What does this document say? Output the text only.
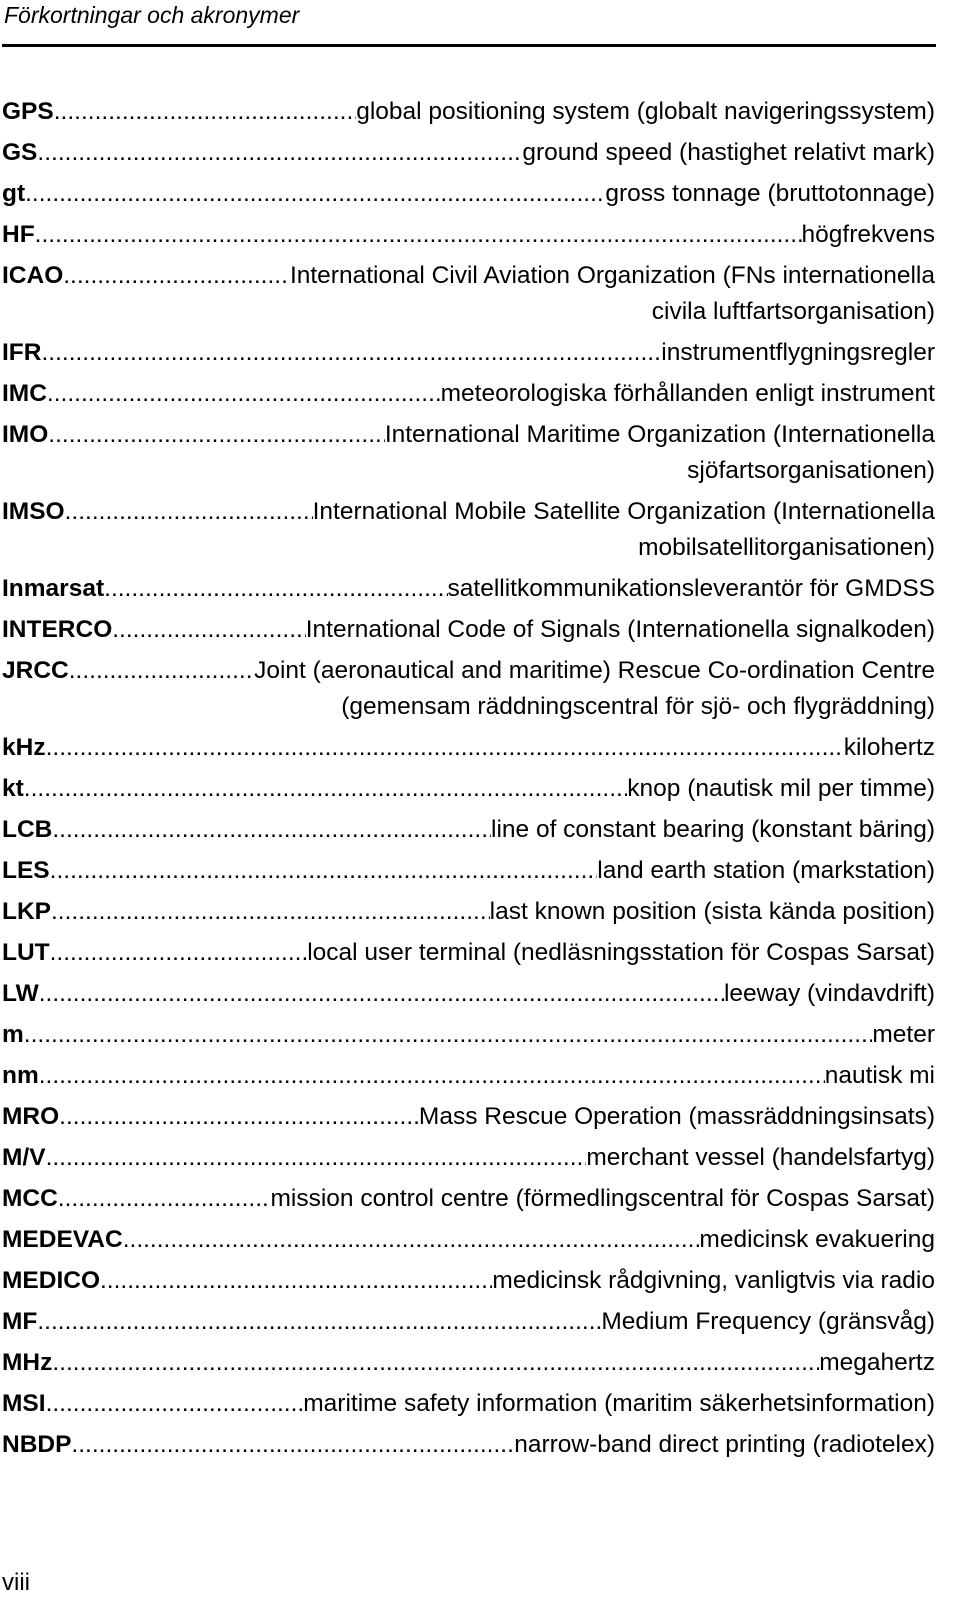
Förkortningar och akronymer
GPS .....	global positioning system (globalt navigeringssystem)
GS .....	ground speed (hastighet relativt mark)
gt .....	gross tonnage (bruttotonnage)
HF .....	högfrekvens
ICAO .....	International Civil Aviation Organization (FNs internationella
civila luftfartsorganisation)
IFR .....	instrumentflygningsregler
IMC .....	meteorologiska förhållanden enligt instrument
IMO .....	International Maritime Organization (Internationella
sjöfartsorganisationen)
IMSO .....	International Mobile Satellite Organization (Internationella
mobilsatellitorganisationen)
Inmarsat .....	satellitkommunikationsleverantör för GMDSS
INTERCO .....	International Code of Signals (Internationella signalkoden)
JRCC .....	Joint (aeronautical and maritime) Rescue Co-ordination Centre
(gemensam räddningscentral för sjö- och flygräddning)
kHz .....	kilohertz
kt .....	knop (nautisk mil per timme)
LCB .....	line of constant bearing (konstant bäring)
LES .....	land earth station (markstation)
LKP .....	last known position (sista kända position)
LUT .....	local user terminal (nedläsningsstation för Cospas Sarsat)
LW .....	leeway (vindavdrift)
m .....	meter
nm .....	nautisk mi
MRO .....	Mass Rescue Operation (massräddningsinsats)
M/V .....	merchant vessel (handelsfartyg)
MCC .....	mission control centre (förmedlingscentral för Cospas Sarsat)
MEDEVAC .....	medicinsk evakuering
MEDICO .....	medicinsk rådgivning, vanligtvis via radio
MF .....	Medium Frequency (gränsvåg)
MHz .....	megahertz
MSI .....	maritime safety information (maritim säkerhetsinformation)
NBDP .....	narrow-band direct printing (radiotelex)
viii
